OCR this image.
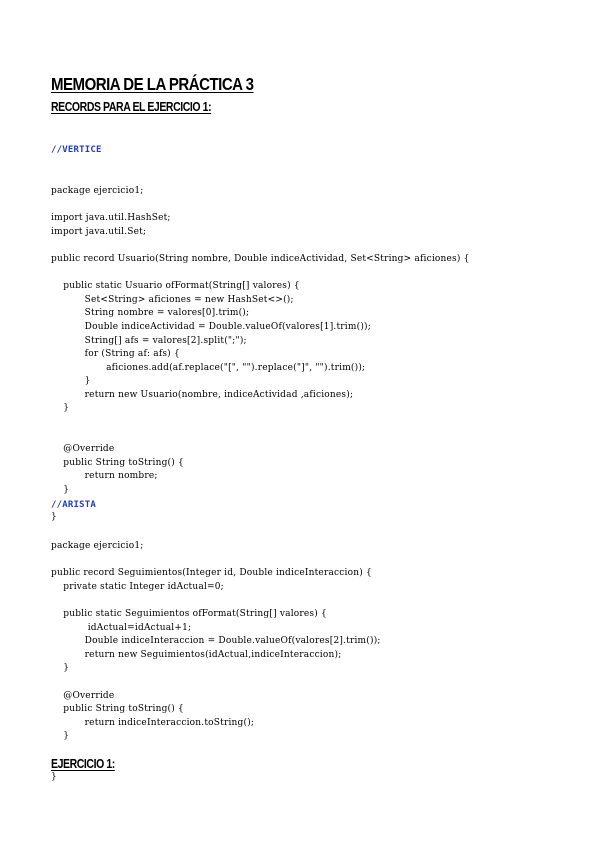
MEMORIA DE LA PRÁCTICA 3
RECORDS PARA EL EJERCICIO 1:

//VERTICE

package ejercicio1;
import java.util.HashSet;
import java.util.Set;
public record Usuario(String nombre, Double indiceActividad, Set<String> aficiones) {
public static Usuario ofFormat(String[] valores) {
Set<String> aficiones = new HashSet<>();
String nombre = valores[0].trim();
Double indiceActividad = Double.valueOf(valores[1].trim());
String[] afs = valores[2].split(";");
for (String af: afs) {
aficiones.add(af.replace("[", "").replace("]", "").trim());
}
return new Usuario(nombre, indiceActividad ,aficiones);
}
@Override
public String toString() {
return nombre;
}
}

//ARISTA

package ejercicio1;
public record Seguimientos(Integer id, Double indiceInteraccion) {
private static Integer idActual=0;
public static Seguimientos ofFormat(String[] valores) {
idActual=idActual+1;
Double indiceInteraccion = Double.valueOf(valores[2].trim());
return new Seguimientos(idActual,indiceInteraccion);
}
@Override
public String toString() {
return indiceInteraccion.toString();
}
}

EJERCICIO 1:
